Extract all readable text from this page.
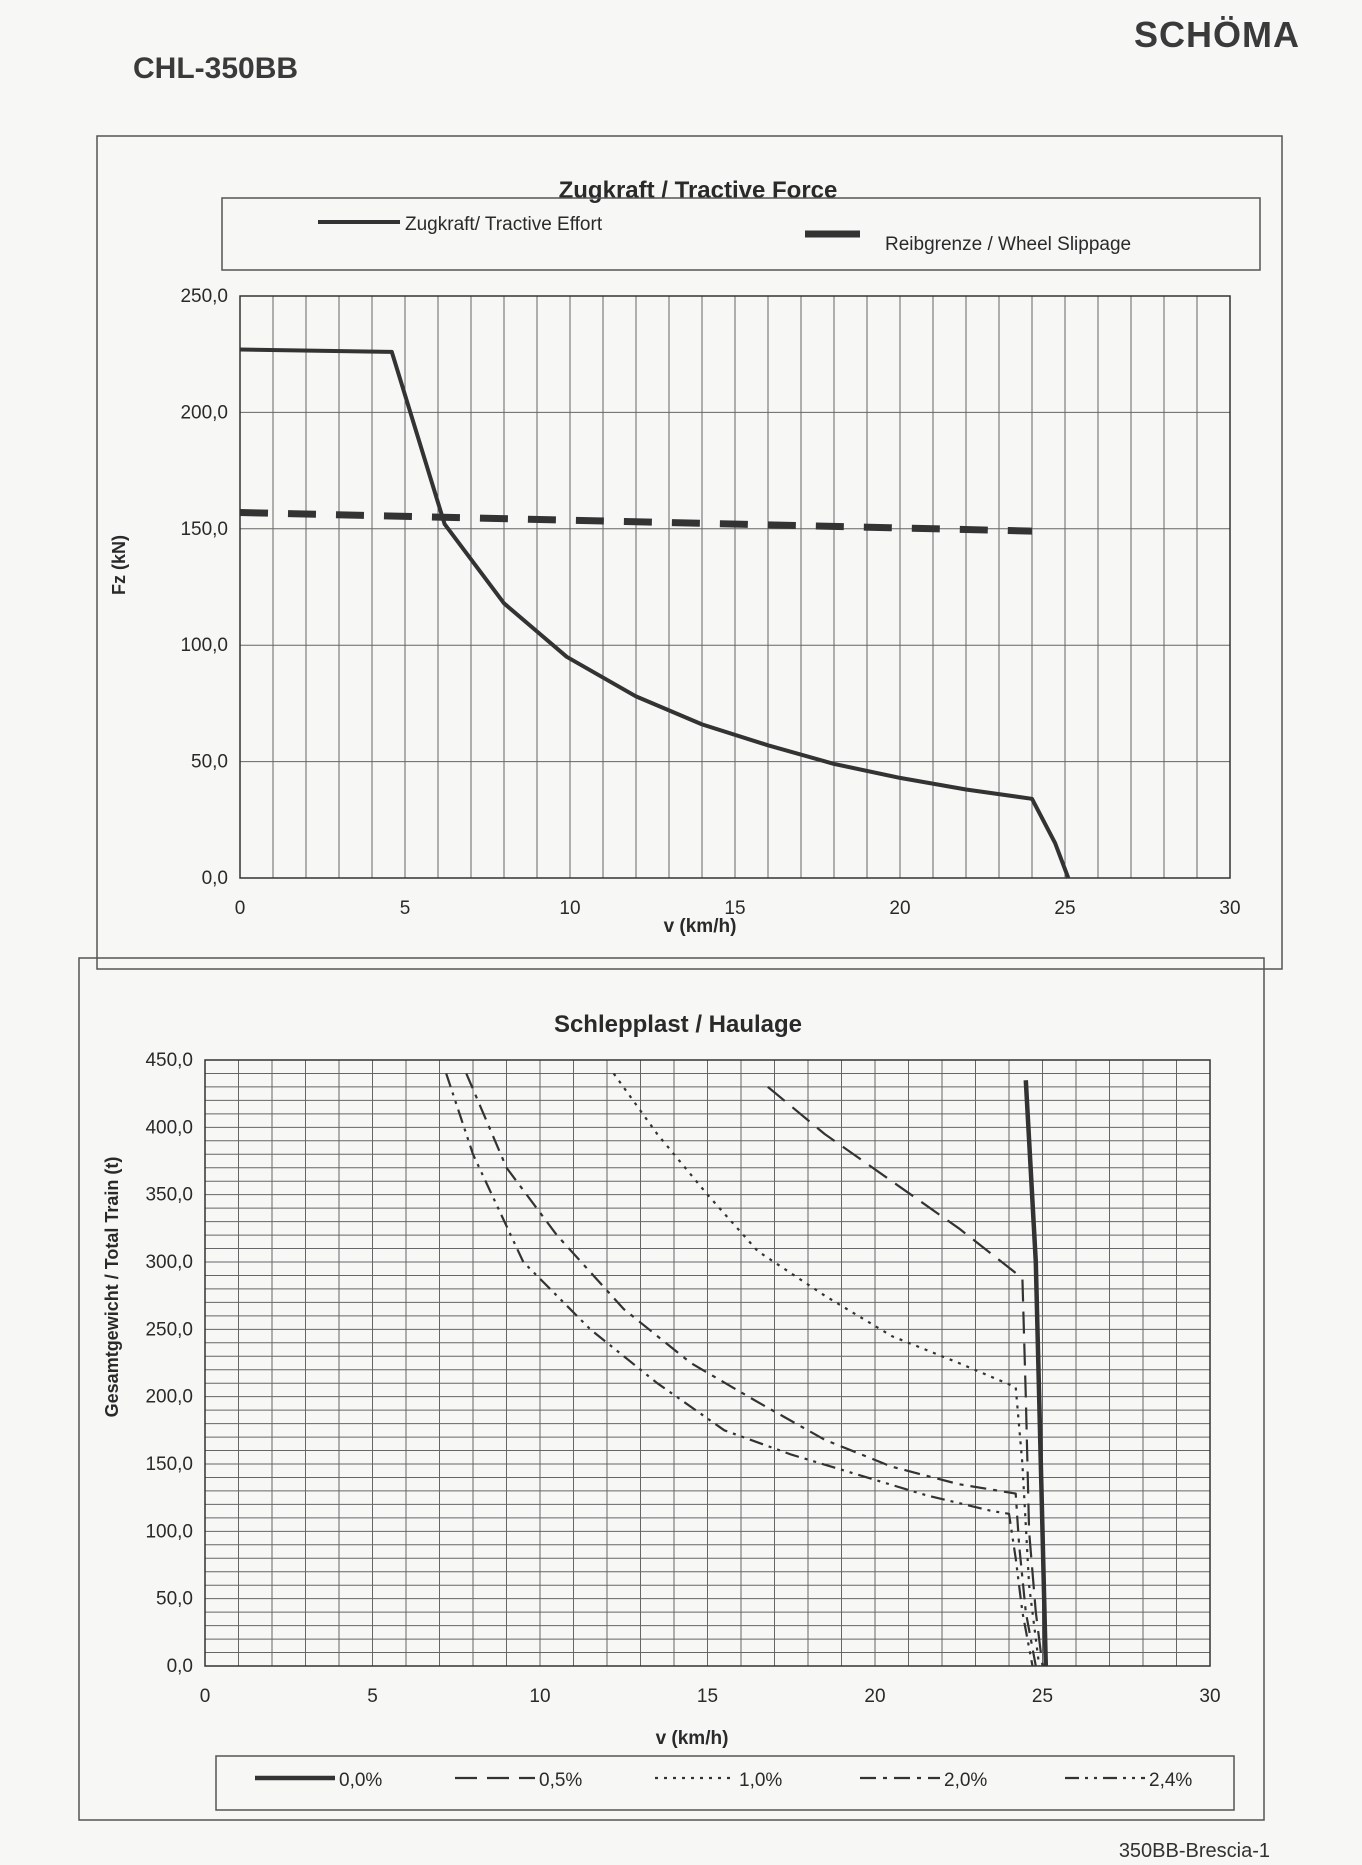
SCHÖMA
CHL-350BB
Zugkraft / Tractive Force
Zugkraft/ Tractive Effort
Reibgrenze / Wheel Slippage
0	5	10	15	20	25	30
0,0
50,0
100,0
150,0
200,0
250,0
Fz (kN)
v (km/h)
Schlepplast / Haulage
0	5	10	15	20	25	30
0,0
50,0
100,0
150,0
200,0
250,0
300,0
350,0
400,0
450,0
Gesamtgewicht / Total Train (t)
v (km/h)
0,0%	0,5%	1,0%	2,0%	2,4%
350BB-Brescia-1
